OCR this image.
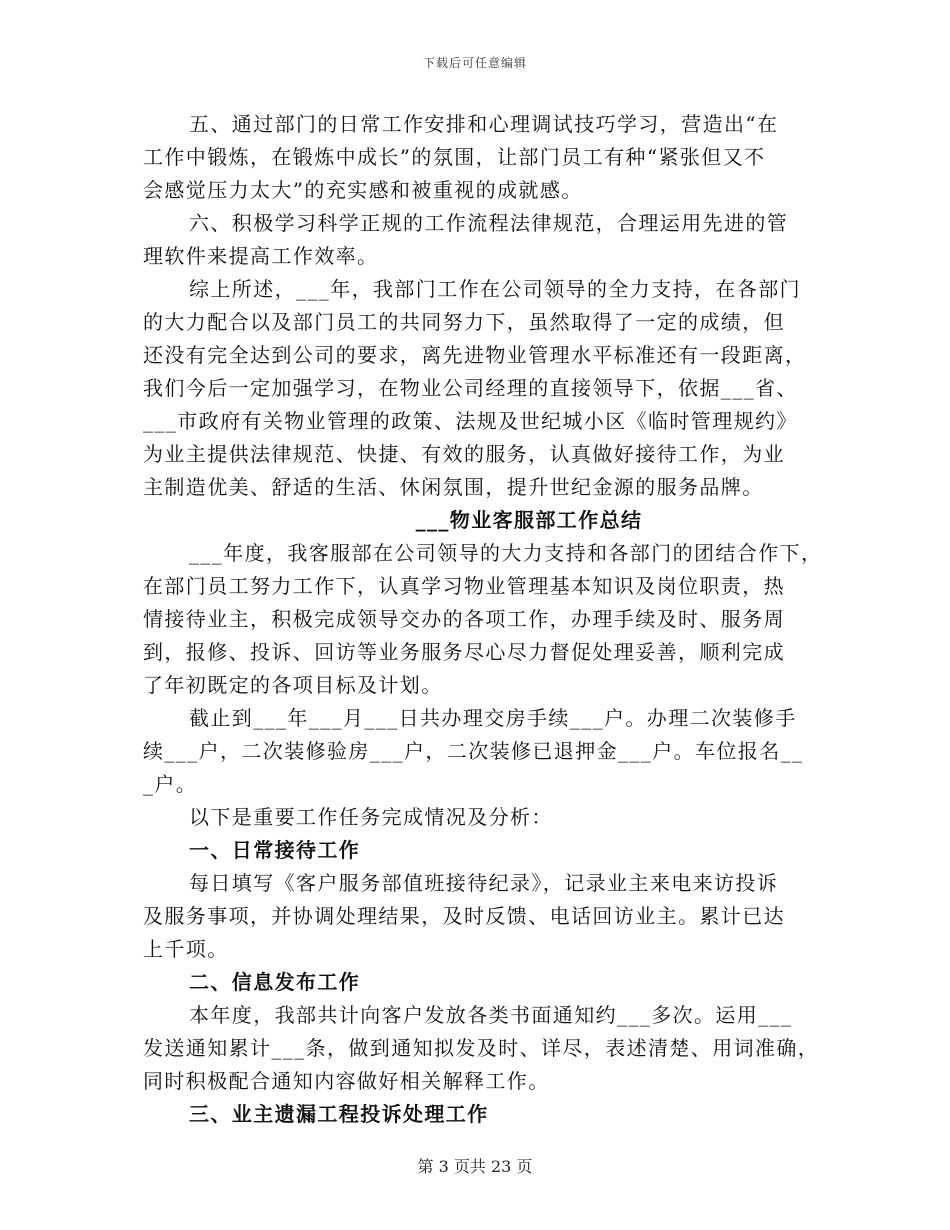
下载后可任意编辑
五、通过部门的日常工作安排和心理调试技巧学习，营造出“在
工作中锻炼，在锻炼中成长”的氛围，让部门员工有种“紧张但又不
会感觉压力太大”的充实感和被重视的成就感。
六、积极学习科学正规的工作流程法律规范，合理运用先进的管
理软件来提高工作效率。
综上所述，___年，我部门工作在公司领导的全力支持，在各部门
的大力配合以及部门员工的共同努力下，虽然取得了一定的成绩，但
还没有完全达到公司的要求，离先进物业管理水平标准还有一段距离，
我们今后一定加强学习，在物业公司经理的直接领导下，依据___省、
___市政府有关物业管理的政策、法规及世纪城小区《临时管理规约》
为业主提供法律规范、快捷、有效的服务，认真做好接待工作，为业
主制造优美、舒适的生活、休闲氛围，提升世纪金源的服务品牌。
___物业客服部工作总结
___年度，我客服部在公司领导的大力支持和各部门的团结合作下，
在部门员工努力工作下，认真学习物业管理基本知识及岗位职责，热
情接待业主，积极完成领导交办的各项工作，办理手续及时、服务周
到，报修、投诉、回访等业务服务尽心尽力督促处理妥善，顺利完成
了年初既定的各项目标及计划。
截止到___年___月___日共办理交房手续___户。办理二次装修手
续___户，二次装修验房___户，二次装修已退押金___户。车位报名__
_户。
以下是重要工作任务完成情况及分析：
一、日常接待工作
每日填写《客户服务部值班接待纪录》，记录业主来电来访投诉
及服务事项，并协调处理结果，及时反馈、电话回访业主。累计已达
上千项。
二、信息发布工作
本年度，我部共计向客户发放各类书面通知约___多次。运用___
发送通知累计___条，做到通知拟发及时、详尽，表述清楚、用词准确，
同时积极配合通知内容做好相关解释工作。
三、业主遗漏工程投诉处理工作
第 3 页共 23 页
